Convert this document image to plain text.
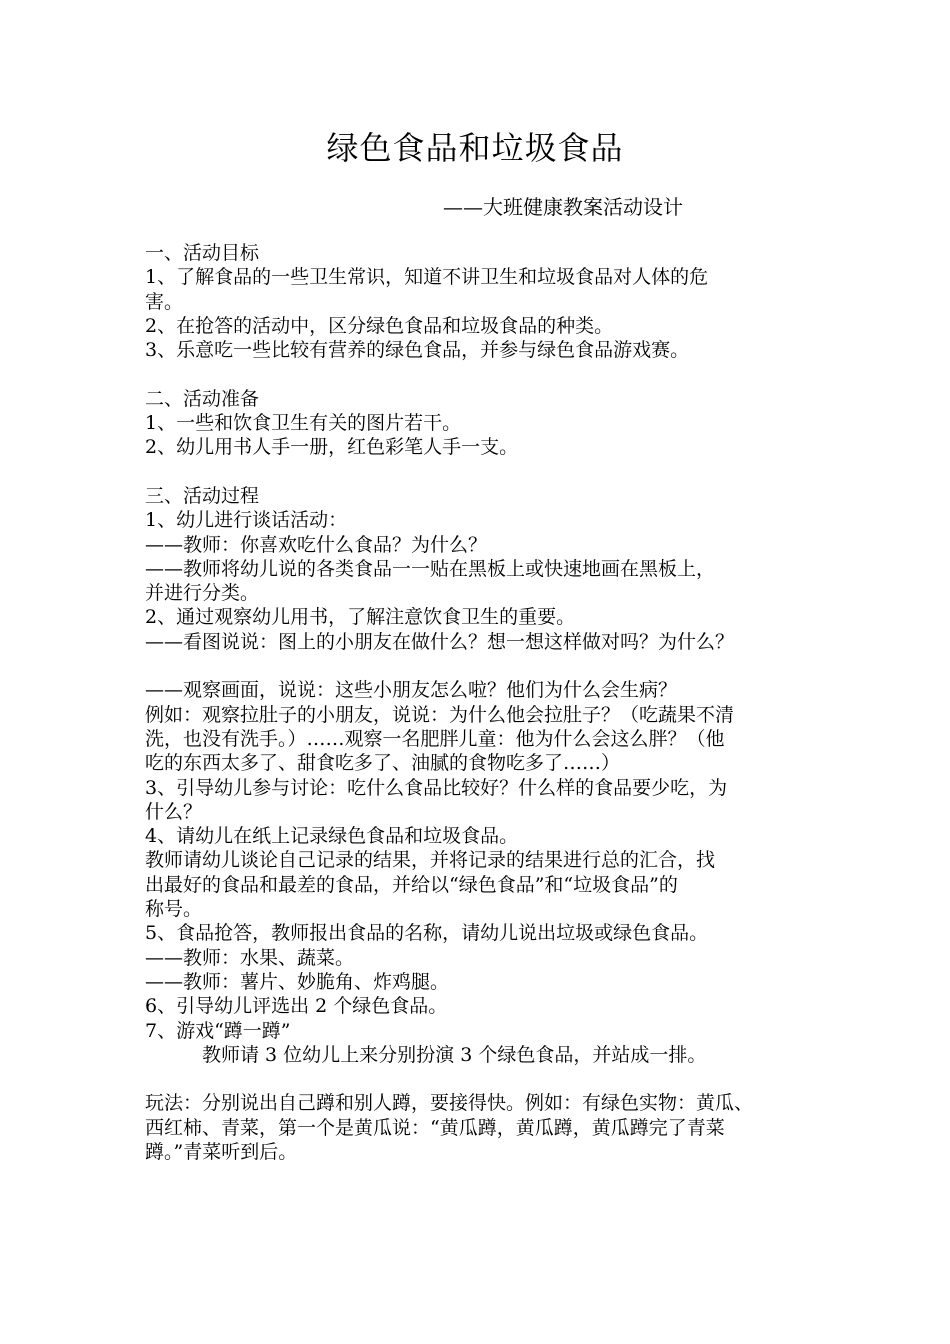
绿色食品和垃圾食品
——大班健康教案活动设计
一、活动目标
1、了解食品的一些卫生常识，知道不讲卫生和垃圾食品对人体的危
害。
2、在抢答的活动中，区分绿色食品和垃圾食品的种类。
3、乐意吃一些比较有营养的绿色食品，并参与绿色食品游戏赛。
二、活动准备
1、一些和饮食卫生有关的图片若干。
2、幼儿用书人手一册，红色彩笔人手一支。
三、活动过程
1、幼儿进行谈话活动：
——教师：你喜欢吃什么食品？为什么？
——教师将幼儿说的各类食品一一贴在黑板上或快速地画在黑板上，
并进行分类。
2、通过观察幼儿用书，了解注意饮食卫生的重要。
——看图说说：图上的小朋友在做什么？想一想这样做对吗？为什么？
——观察画面，说说：这些小朋友怎么啦？他们为什么会生病？
例如：观察拉肚子的小朋友，说说：为什么他会拉肚子？（吃蔬果不清
洗，也没有洗手。）……观察一名肥胖儿童：他为什么会这么胖？（他
吃的东西太多了、甜食吃多了、油腻的食物吃多了……）
3、引导幼儿参与讨论：吃什么食品比较好？什么样的食品要少吃，为
什么？
4、请幼儿在纸上记录绿色食品和垃圾食品。
教师请幼儿谈论自己记录的结果，并将记录的结果进行总的汇合，找
出最好的食品和最差的食品，并给以“绿色食品”和“垃圾食品”的
称号。
5、食品抢答，教师报出食品的名称，请幼儿说出垃圾或绿色食品。
——教师：水果、蔬菜。
——教师：薯片、妙脆角、炸鸡腿。
6、引导幼儿评选出 2 个绿色食品。
7、游戏“蹲一蹲”
教师请 3 位幼儿上来分别扮演 3 个绿色食品，并站成一排。
玩法：分别说出自己蹲和别人蹲，要接得快。例如：有绿色实物：黄瓜、
西红柿、青菜，第一个是黄瓜说：“黄瓜蹲，黄瓜蹲，黄瓜蹲完了青菜
蹲。”青菜听到后。
